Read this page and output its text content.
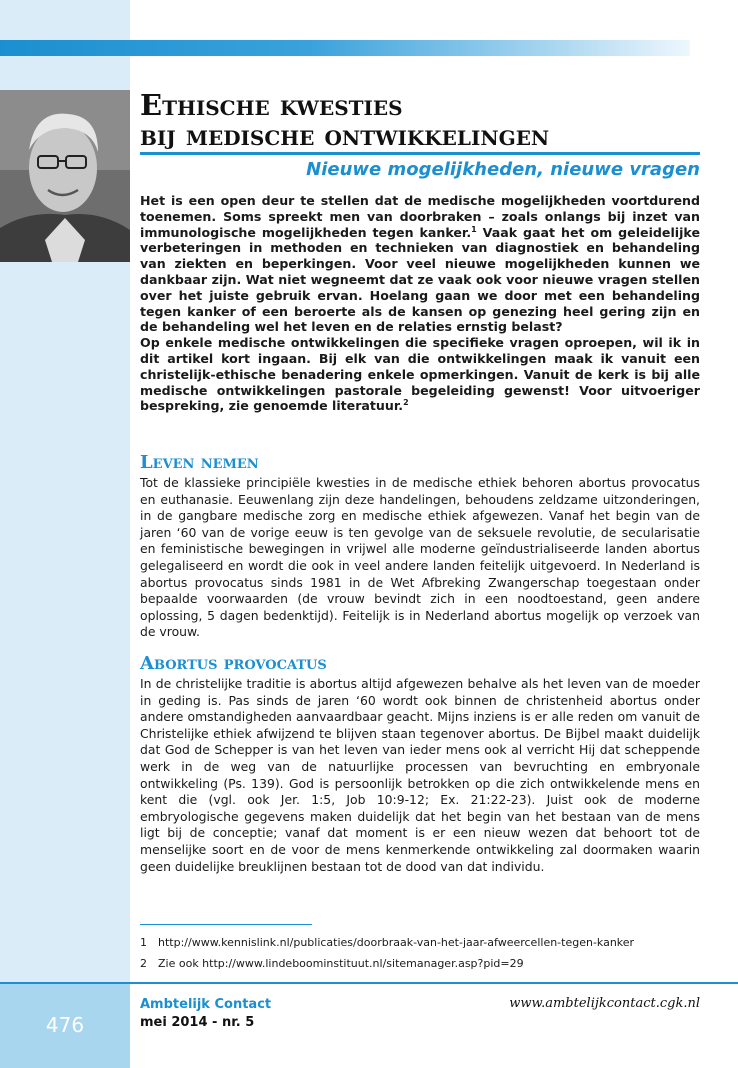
Ethische kwesties
bij medische ontwikkelingen
Nieuwe mogelijkheden, nieuwe vragen

Het is een open deur te stellen dat de medische mogelijkheden voortdurend toenemen. Soms spreekt men van doorbraken – zoals onlangs bij inzet van immunologische mogelijkheden tegen kanker.$^1$ Vaak gaat het om geleidelijke verbeteringen in methoden en technieken van diagnostiek en behandeling van ziekten en beperkingen. Voor veel nieuwe mogelijkheden kunnen we dankbaar zijn. Wat niet wegneemt dat ze vaak ook voor nieuwe vragen stellen over het juiste gebruik ervan. Hoelang gaan we door met een behandeling tegen kanker of een beroerte als de kansen op genezing heel gering zijn en de behandeling wel het leven en de relaties ernstig belast?

Op enkele medische ontwikkelingen die specifieke vragen oproepen, wil ik in dit artikel kort ingaan. Bij elk van die ontwikkelingen maak ik vanuit een christelijk-ethische benadering enkele opmerkingen. Vanuit de kerk is bij alle medische ontwikkelingen pastorale begeleiding gewenst! Voor uitvoeriger bespreking, zie genoemde literatuur.$^2$

Leven nemen

Tot de klassieke principiële kwesties in de medische ethiek behoren abortus provocatus en euthanasie. Eeuwenlang zijn deze handelingen, behoudens zeldzame uitzonderingen, in de gangbare medische zorg en medische ethiek afgewezen. Vanaf het begin van de jaren ‘60 van de vorige eeuw is ten gevolge van de seksuele revolutie, de secularisatie en feministische bewegingen in vrijwel alle moderne geïndustrialiseerde landen abortus gelegaliseerd en wordt die ook in veel andere landen feitelijk uitgevoerd. In Nederland is abortus provocatus sinds 1981 in de Wet Afbreking Zwangerschap toegestaan onder bepaalde voorwaarden (de vrouw bevindt zich in een noodtoestand, geen andere oplossing, 5 dagen bedenktijd). Feitelijk is in Nederland abortus mogelijk op verzoek van de vrouw.

Abortus provocatus

In de christelijke traditie is abortus altijd afgewezen behalve als het leven van de moeder in geding is. Pas sinds de jaren ‘60 wordt ook binnen de christenheid abortus onder andere omstandigheden aanvaardbaar geacht. Mijns inziens is er alle reden om vanuit de Christelijke ethiek afwijzend te blijven staan tegenover abortus. De Bijbel maakt duidelijk dat God de Schepper is van het leven van ieder mens ook al verricht Hij dat scheppende werk in de weg van de natuurlijke processen van bevruchting en embryonale ontwikkeling (Ps. 139). God is persoonlijk betrokken op die zich ontwikkelende mens en kent die (vgl. ook Jer. 1:5, Job 10:9-12; Ex. 21:22-23). Juist ook de moderne embryologische gegevens maken duidelijk dat het begin van het bestaan van de mens ligt bij de conceptie; vanaf dat moment is er een nieuw wezen dat behoort tot de menselijke soort en de voor de mens kenmerkende ontwikkeling zal doormaken waarin geen duidelijke breuklijnen bestaan tot de dood van dat individu.

1 http://www.kennislink.nl/publicaties/doorbraak-van-het-jaar-afweercellen-tegen-kanker
2 Zie ook http://www.lindeboominstituut.nl/sitemanager.asp?pid=29
476
Ambtelijk Contact
mei 2014 - nr. 5
www.ambtelijkcontact.cgk.nl
